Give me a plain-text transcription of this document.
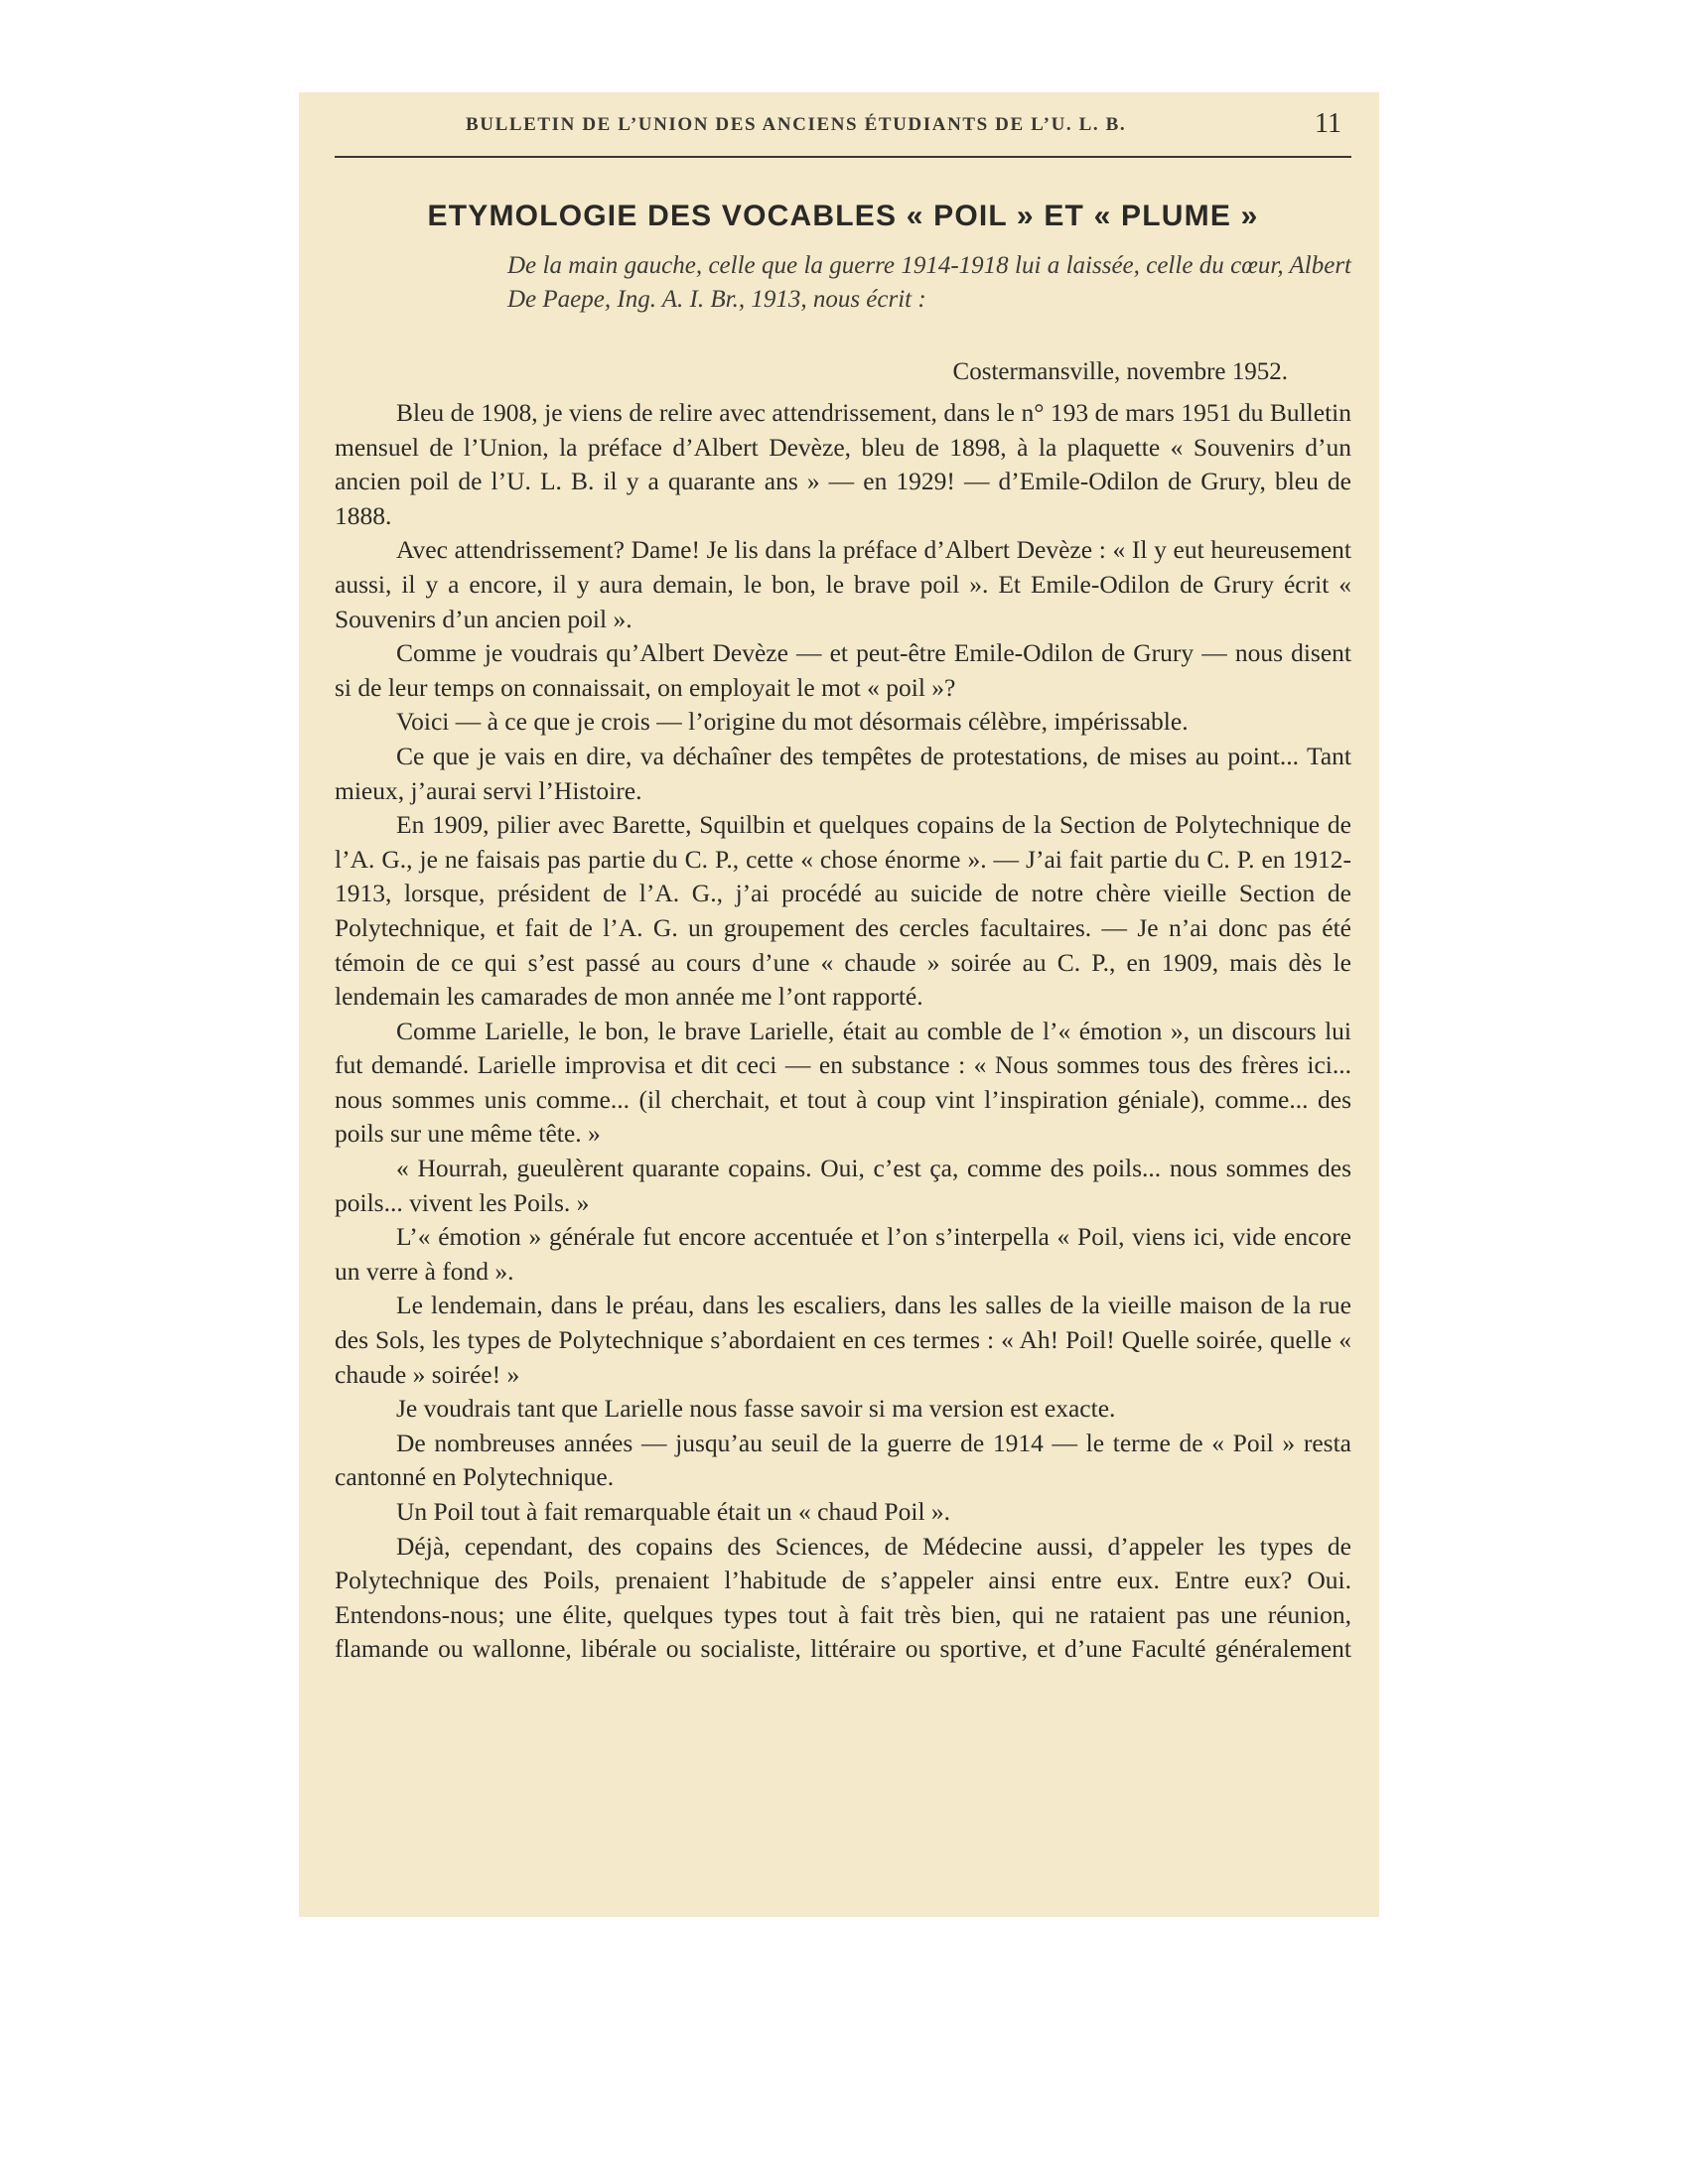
BULLETIN DE L’UNION DES ANCIENS ÉTUDIANTS DE L’U. L. B.	11
ETYMOLOGIE DES VOCABLES « POIL » ET « PLUME »
De la main gauche, celle que la guerre 1914-1918 lui a laissée, celle du cœur, Albert De Paepe, Ing. A. I. Br., 1913, nous écrit :
Costermansville, novembre 1952.

Bleu de 1908, je viens de relire avec attendrissement, dans le n° 193 de mars 1951 du Bulletin mensuel de l’Union, la préface d’Albert Devèze, bleu de 1898, à la plaquette « Souvenirs d’un ancien poil de l’U. L. B. il y a quarante ans » — en 1929! — d’Emile-Odilon de Grury, bleu de 1888.

Avec attendrissement? Dame! Je lis dans la préface d’Albert Devèze : « Il y eut heureusement aussi, il y a encore, il y aura demain, le bon, le brave poil ». Et Emile-Odilon de Grury écrit « Souvenirs d’un ancien poil ».

Comme je voudrais qu’Albert Devèze — et peut-être Emile-Odilon de Grury — nous disent si de leur temps on connaissait, on employait le mot « poil »?

Voici — à ce que je crois — l’origine du mot désormais célèbre, impérissable.

Ce que je vais en dire, va déchaîner des tempêtes de protestations, de mises au point... Tant mieux, j’aurai servi l’Histoire.

En 1909, pilier avec Barette, Squilbin et quelques copains de la Section de Polytechnique de l’A. G., je ne faisais pas partie du C. P., cette « chose énorme ». — J’ai fait partie du C. P. en 1912-1913, lorsque, président de l’A. G., j’ai procédé au suicide de notre chère vieille Section de Polytechnique, et fait de l’A. G. un groupement des cercles facultaires. — Je n’ai donc pas été témoin de ce qui s’est passé au cours d’une « chaude » soirée au C. P., en 1909, mais dès le lendemain les camarades de mon année me l’ont rapporté.

Comme Larielle, le bon, le brave Larielle, était au comble de l’« émotion », un discours lui fut demandé. Larielle improvisa et dit ceci — en substance : « Nous sommes tous des frères ici... nous sommes unis comme... (il cherchait, et tout à coup vint l’inspiration géniale), comme... des poils sur une même tête. »

« Hourrah, gueulèrent quarante copains. Oui, c’est ça, comme des poils... nous sommes des poils... vivent les Poils. »

L’« émotion » générale fut encore accentuée et l’on s’interpella « Poil, viens ici, vide encore un verre à fond ».

Le lendemain, dans le préau, dans les escaliers, dans les salles de la vieille maison de la rue des Sols, les types de Polytechnique s’abordaient en ces termes : « Ah! Poil! Quelle soirée, quelle « chaude » soirée! »

Je voudrais tant que Larielle nous fasse savoir si ma version est exacte.

De nombreuses années — jusqu’au seuil de la guerre de 1914 — le terme de « Poil » resta cantonné en Polytechnique.

Un Poil tout à fait remarquable était un « chaud Poil ».

Déjà, cependant, des copains des Sciences, de Médecine aussi, d’appeler les types de Polytechnique des Poils, prenaient l’habitude de s’appeler ainsi entre eux. Entre eux? Oui. Entendons-nous; une élite, quelques types tout à fait très bien, qui ne rataient pas une réunion, flamande ou wallonne, libérale ou socialiste, littéraire ou sportive, et d’une Faculté généralement
